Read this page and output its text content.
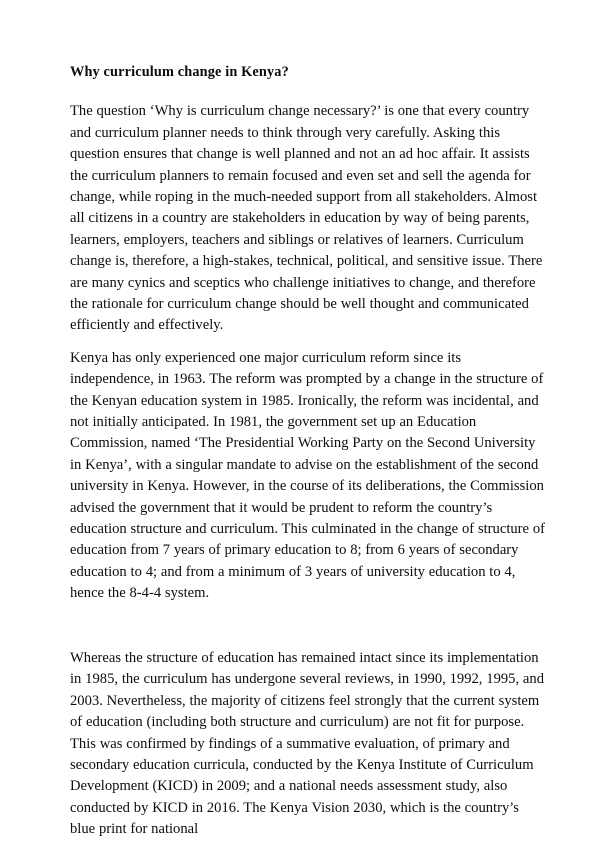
Why curriculum change in Kenya?

The question ‘Why is curriculum change necessary?’ is one that every country and curriculum planner needs to think through very carefully. Asking this question ensures that change is well planned and not an ad hoc affair. It assists the curriculum planners to remain focused and even set and sell the agenda for change, while roping in the much-needed support from all stakeholders. Almost all citizens in a country are stakeholders in education by way of being parents, learners, employers, teachers and siblings or relatives of learners. Curriculum change is, therefore, a high-stakes, technical, political, and sensitive issue. There are many cynics and sceptics who challenge initiatives to change, and therefore the rationale for curriculum change should be well thought and communicated efficiently and effectively.

Kenya has only experienced one major curriculum reform since its independence, in 1963. The reform was prompted by a change in the structure of the Kenyan education system in 1985. Ironically, the reform was incidental, and not initially anticipated. In 1981, the government set up an Education Commission, named ‘The Presidential Working Party on the Second University in Kenya’, with a singular mandate to advise on the establishment of the second university in Kenya. However, in the course of its deliberations, the Commission advised the government that it would be prudent to reform the country’s education structure and curriculum. This culminated in the change of structure of education from 7 years of primary education to 8; from 6 years of secondary education to 4; and from a minimum of 3 years of university education to 4, hence the 8-4-4 system.

Whereas the structure of education has remained intact since its implementation in 1985, the curriculum has undergone several reviews, in 1990, 1992, 1995, and 2003. Nevertheless, the majority of citizens feel strongly that the current system of education (including both structure and curriculum) are not fit for purpose. This was confirmed by findings of a summative evaluation, of primary and secondary education curricula, conducted by the Kenya Institute of Curriculum Development (KICD) in 2009; and a national needs assessment study, also conducted by KICD in 2016. The Kenya Vision 2030, which is the country’s blue print for national
